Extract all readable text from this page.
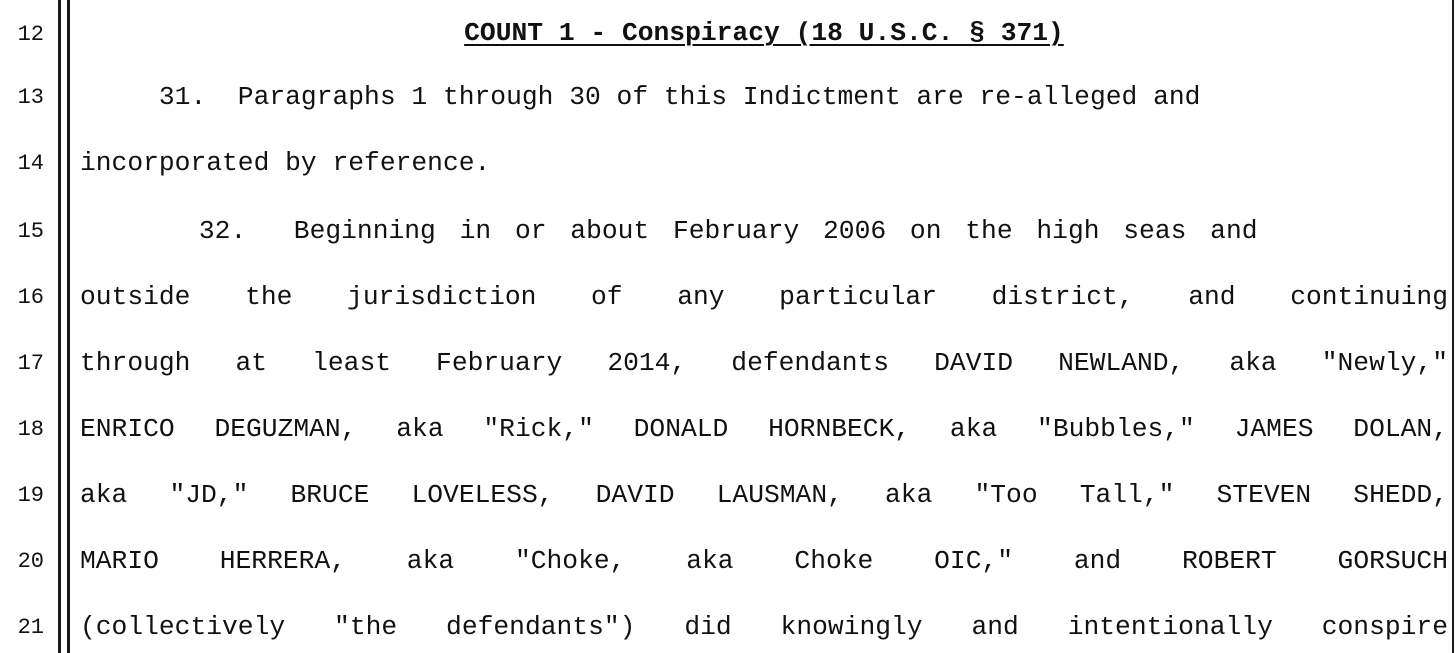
12
13
14
15
16
17
18
19
20
21
COUNT 1 - Conspiracy (18 U.S.C. § 371)
31.  Paragraphs 1 through 30 of this Indictment are re-alleged and
incorporated by reference.
32.  Beginning in or about February 2006 on the high seas and
outside the jurisdiction of any particular district, and continuing
through at least February 2014, defendants DAVID NEWLAND, aka "Newly,"
ENRICO DEGUZMAN, aka "Rick," DONALD HORNBECK, aka "Bubbles," JAMES DOLAN,
aka "JD," BRUCE LOVELESS, DAVID LAUSMAN, aka "Too Tall," STEVEN SHEDD,
MARIO HERRERA, aka "Choke, aka Choke OIC," and ROBERT GORSUCH
(collectively "the defendants") did knowingly and intentionally conspire
